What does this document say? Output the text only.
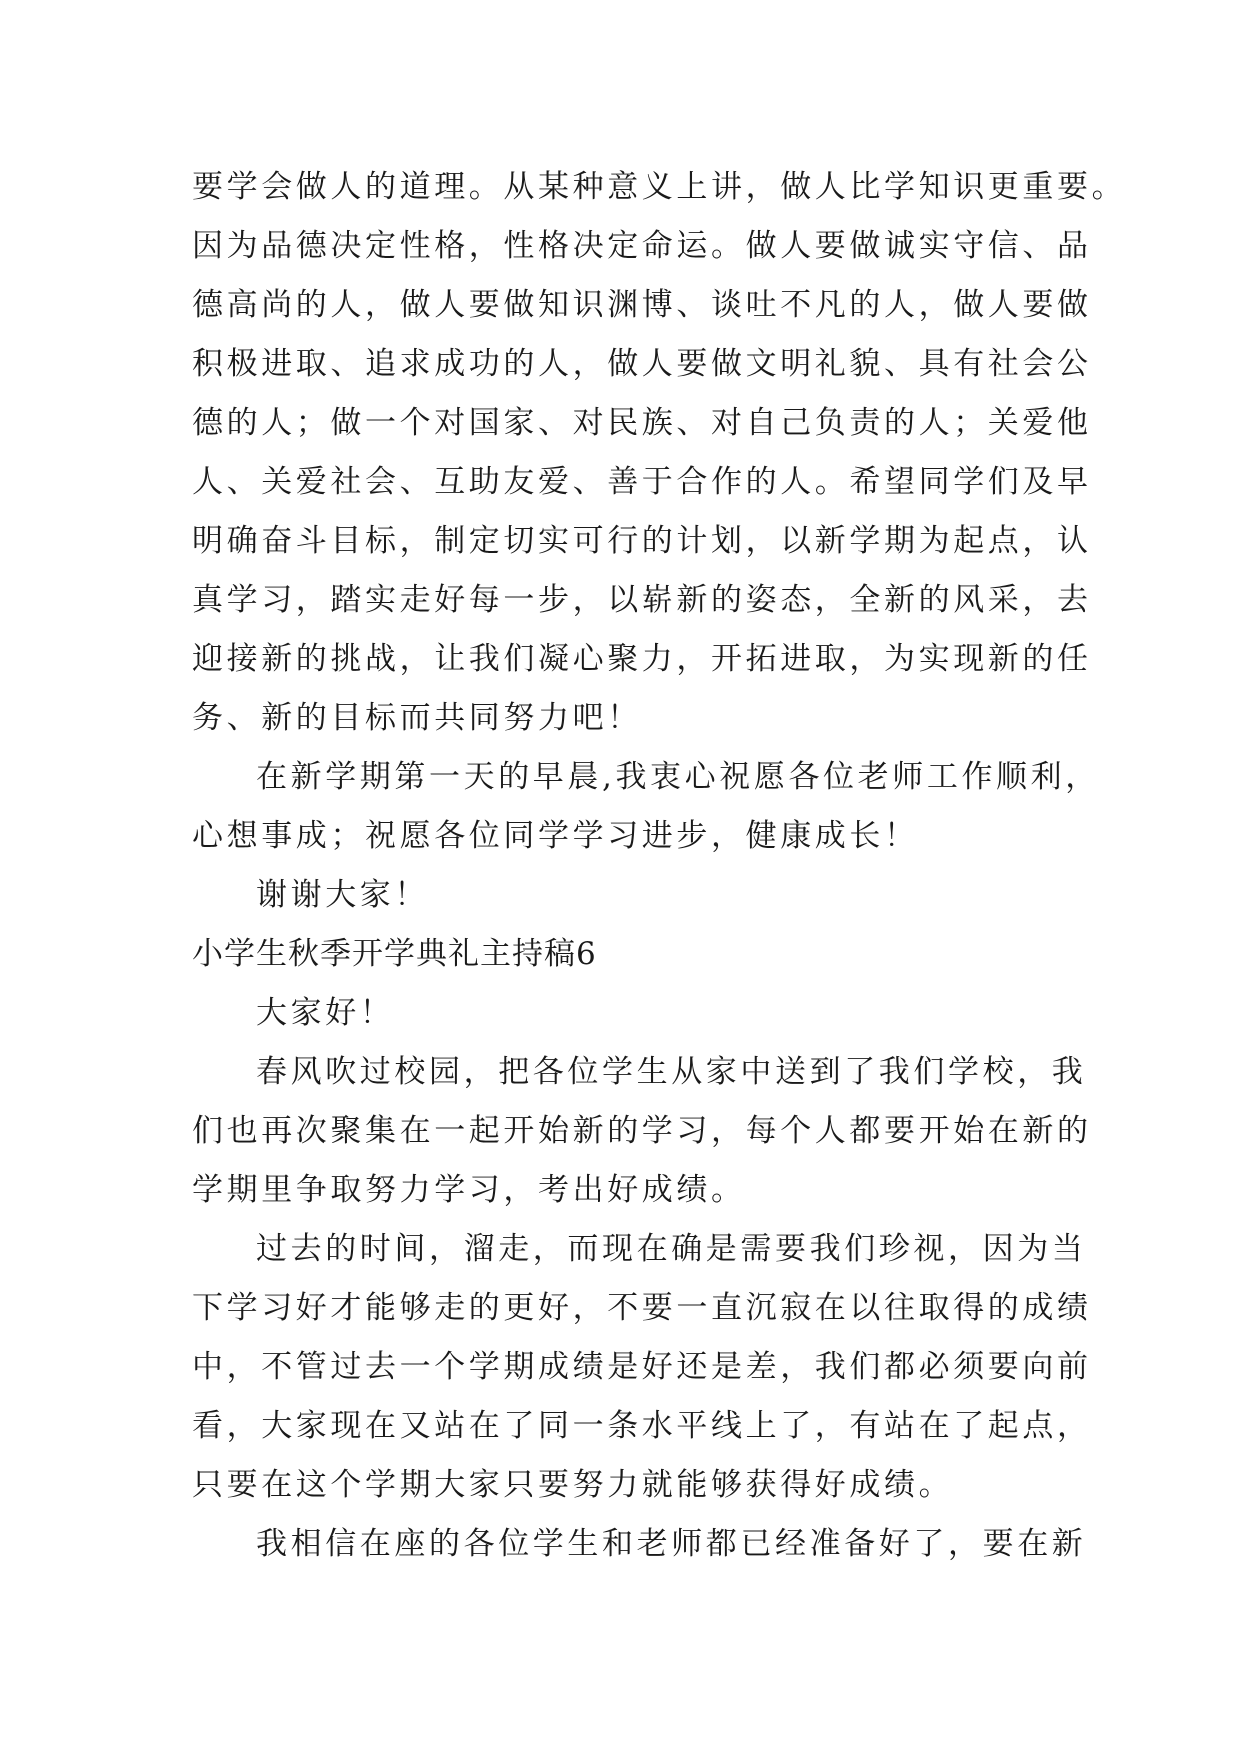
要学会做人的道理。从某种意义上讲，做人比学知识更重要。
因为品德决定性格，性格决定命运。做人要做诚实守信、品
德高尚的人，做人要做知识渊博、谈吐不凡的人，做人要做
积极进取、追求成功的人，做人要做文明礼貌、具有社会公
德的人；做一个对国家、对民族、对自己负责的人；关爱他
人、关爱社会、互助友爱、善于合作的人。希望同学们及早
明确奋斗目标，制定切实可行的计划，以新学期为起点，认
真学习，踏实走好每一步，以崭新的姿态，全新的风采，去
迎接新的挑战，让我们凝心聚力，开拓进取，为实现新的任
务、新的目标而共同努力吧！
在新学期第一天的早晨,我衷心祝愿各位老师工作顺利，
心想事成；祝愿各位同学学习进步，健康成长！
谢谢大家！
小学生秋季开学典礼主持稿6
大家好！
春风吹过校园，把各位学生从家中送到了我们学校，我
们也再次聚集在一起开始新的学习，每个人都要开始在新的
学期里争取努力学习，考出好成绩。
过去的时间，溜走，而现在确是需要我们珍视，因为当
下学习好才能够走的更好，不要一直沉寂在以往取得的成绩
中，不管过去一个学期成绩是好还是差，我们都必须要向前
看，大家现在又站在了同一条水平线上了，有站在了起点，
只要在这个学期大家只要努力就能够获得好成绩。
我相信在座的各位学生和老师都已经准备好了，要在新
